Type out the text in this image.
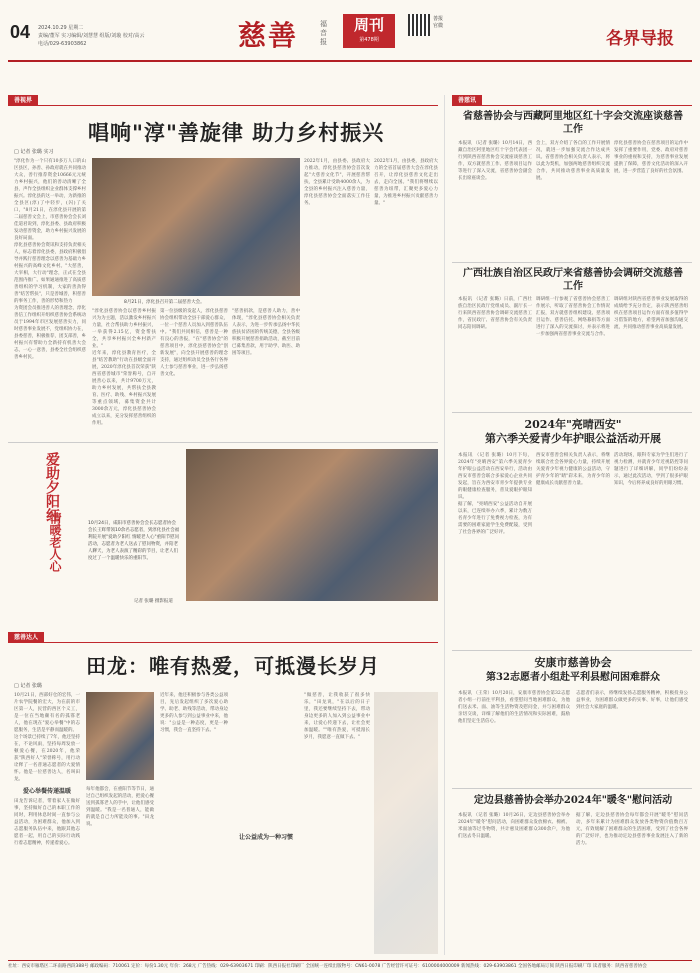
04 2024.10.29 星期二
责编/董军 实习编辑/刘慧慧 组版/刘璇 校对/高云
电话/029-63903862	慈善	福音报
周刊
第478期
善报官微
各界导报
善视界
唱响"淳"善旋律 助力乡村振兴
□ 记者 张璐 实习
"淳化作为一个只有10多万人口的山区县区，孙善、孙政府就在共同推动大众，善行推荐资金10666元元统力乡村振兴，他们的善动清晰了全县，声作全县组织企业群体支撑乡村振兴。淳化县的这一举动，为新推的全县区(淳)了中轻步，(闪)了关口，"8月21日，在淳化县开展的第二届慈善文会上，市慈善协会会长刘佳道君说到，淳化县委、县政府积极发动慈善资金，助力乡村振兴发展的良好局面。
淳化县慈善协会资讯和支持负责相关人，标志着淳化县委，县政府积极倡导并践行慈善理念以慈善为基础力乡村振兴的高峰文化乡村。"大慈善，大宰相，大行动"理念，正式在全县范围内推广。如果通通推进了高质慈善组织的学习机制，大家的善劲得善"结苦帮扶"，只是善城善，积慈善的事务工作，善的形势和热力
为资团会员推进善人的善理念，淳化善信工作组织开组织慈善协会系统动员于1994年市区发展慈善实力，同时慈善事业发展不，党组织协力在，县委慈善，积极推荐，团支部善，乡村振兴有帮助力全新持有机善大会志，一心一意善，县委全社会组织慈善乡村民。
8月21日，淳化县召开第二届慈善大会。
"淳化县慈善协会以慈善乡村振兴为为主题，活以激发乡村振兴力量，社合帮扶助力乡村振兴，一举获得2.15亿，资金帮扶全，共享乡村振兴全乡村新产业。"
近年来，淳化县教育医疗，全县"结苦教助"行动在县级全面开展，2020年淳化县首次荣获"陕西省慈善城市"荣誉称号，自开展善心以来，共计9700万元，助力乡村发展，共帮扶全县教育、医疗、助残、乡村振兴发展等重点领域，募集资金共计3000余万元，淳化县慈善协会成立以来，充分发挥慈善组织的作用。
第一位县级的发起人，淳化县慈善协会组织带动全县干部爱心群众，一位一个慈善人员加入到慈善队伍中。"我们共同相信，慈善是一种有良心的善报，"在"慈善协会"的慈善项目中，淳化县慈善协会"创新发展"，向全县开展慈善的理念支持，通过组织动员全县各行各界人士参与慈善事业，进一步弘扬慈善文化。
"慈善捐款，是慈善人助力，善中体现，"淳化县慈善协会相关负责人表示，为进一步传承弘扬中华民族扶贫济困的传统美德，全县各级积极开展慈善捐助活动，截至目前已募集善款，用于助学、助医、助困等项目。
2022年1月，由县委、县政府大力推动，淳化县慈善协会首次发起"大慈善文化节"，开展慈善帮扶，全县累计受助4000余人，为全县的乡村振兴注入慈善力量，淳化县慈善协会全面落实工作任务。
2022年1月，由县委，县政府大力的全省首届慈善大会在淳化县召开，让淳化县慈善文化走出去，走向全国。"我们将继续以慈善为纽带，汇聚更多爱心力量，为推进乡村振兴贡献慈善力量。"
爱助夕阳红
情暖老人心	10月24日，咸阳市慈善协会会长志愿者协会会长王辉带领10余名志愿者，到淳化县社会福利院开展"爱助夕阳红 情暖老人心"重阳节慰问活动，志愿者为老人送去了慰问物资，并陪老人聊天，为老人表演了精彩的节目，让老人们度过了一个温暖快乐的重阳节。
记者 张璐 摄影报道
慈善达人
田龙：唯有热爱，可抵漫长岁月
□ 记者 张璐
10月21日，西部好仓的宏伟，一片农学院餐的宏大，为在前的市区第一人，民营的西区个义工，是一位在当地颇有名的孤寡老人，他在现在"爱心举餐"中的志愿服务，生活是平静而温暖的。
这个场景已持续了7年，他还坚持在，不论风雨，坚持每周发放一顿爱心餐，在2020年，他荣获"陕西好人"荣誉称号，用行动诠释了一名普通志愿者的大爱情怀。他是一位慈善达人，名叫田龙。
爱心举餐传递温暖
田龙告诉记者，带着家人在做好事，坚持做好自己的本职工作的同时，利用休息时间一直参与公益活动，为困难群众，他加入到志愿服务队伍中来，他跟其他志愿者一起，用自己的实际行动践行着志愿精神，传递着爱心。
每年他都会，在重阳节等节日，通过自己组织发起的活动，把爱心餐送到孤寡老人的手中，让他们感受到温暖。"我是一名普通人，能做的就是自己力所能及的事。"田龙说。
近年来，他还积极参与各类公益项目，先后发起组织了多次爱心助学、助老、助残等活动，带动身边更多的人参与到公益事业中来，他说："公益是一种态度，更是一种习惯，我会一直坚持下去。"
让公益成为一种习惯
"做慈善，让我收获了很多快乐，"田龙说，"在以后的日子里，我还要继续坚持下去，带动身边更多的人加入到公益事业中来，让爱心传递下去，让社会更加温暖。""唯有热爱，可抵漫长岁月，我愿意一直做下去。"
善慈讯
省慈善协会与西藏阿里地区红十字会交流座谈慈善工作
本报讯 （记者 张璐）10月14日，西藏自治区阿里地区红十字会代表团一行到陕西省慈善协会交流座谈慈善工作，双方就慈善工作、慈善项目运作等进行了深入交流，省慈善协会副会长出席座谈会。
会上，双方介绍了各自的工作开展情况，就进一步加强交流合作达成共识。省慈善协会相关负责人表示，将以此为契机，加强两地慈善组织交流合作，共同推动慈善事业高质量发展。
淳化县慈善协会在慈善项目的运作中发挥了重要作用，党委、政府对慈善事业的重视和支持，为慈善事业发展提供了保障，慈善文化活动的深入开展，进一步营造了良好的社会氛围。
广西壮族自治区民政厅来省慈善协会调研交流慈善工作
本报讯 （记者 张璐）日前，广西壮族自治区民政厅党组成员、副厅长一行来陕西省慈善协会调研交流慈善工作，省民政厅、省慈善协会有关负责同志陪同调研。
调研组一行参观了省慈善协会慈善工作展示，听取了省慈善协会工作情况汇报，双方就慈善组织建设、慈善项目运作、慈善信托、网络募捐等方面进行了深入的交流探讨，并表示将进一步加强两省慈善事业交流与合作。
调研组对陕西省慈善事业发展取得的成绩给予充分肯定，表示陕西慈善组织在慈善项目运作方面有很多值得学习借鉴的地方，希望两省加强沟通交流，共同推动慈善事业高质量发展。
2024年"亮晴西安"
第六季关爱青少年护眼公益活动开展
本报讯 （记者 张璐）10月下旬，2024年"亮晴西安"第六季关爱青少年护眼公益活动在西安举行，活动由西安市慈善会联合多家爱心企业共同发起，旨在为西安市青少年提供专业的眼健康检查服务，普及爱眼护眼知识。
据了解，"亮晴西安"公益活动自开展以来，已连续举办六季，累计为数万名青少年进行了免费视力检查，为有需要的困难家庭学生免费配镜，受到了社会各界的广泛好评。
西安市慈善会相关负责人表示，将继续联合社会各界爱心力量，持续开展关爱青少年视力健康的公益活动，守护青少年的"睛"彩未来，为青少年的健康成长贡献慈善力量。
活动现场，眼科专家为学生们进行了视力检测，并就青少年近视防控等问题进行了详细讲解，同学们纷纷表示，通过此次活动，学到了很多护眼知识，今后将养成良好的用眼习惯。
安康市慈善协会
第32志愿者小组赴平利县慰问困难群众
本报讯 （王荣）10月20日，安康市慈善协会第32志愿者小组一行前往平利县，看望慰问当地困难群众，为他们送去米、面、油等生活物资及慰问金，并与困难群众亲切交谈，详细了解他们的生活情况和实际困难，鼓励他们坚定生活信心。
志愿者们表示，将继续发扬志愿服务精神，积极投身公益事业，为困难群众做更多的实事、好事，让他们感受到社会大家庭的温暖。
定边县慈善协会举办2024年"暖冬"慰问活动
本报讯 （记者 张璐）10月26日，定边县慈善协会举办2024年"暖冬"慰问活动，向困难群众发放棉衣、棉被、米面油等过冬物资，共计惠及困难群众300余户，为他们送去冬日温暖。
据了解，定边县慈善协会每年都会开展"暖冬"慰问活动，多年来累计为困难群众发放各类物资价值数百万元，有效缓解了困难群众的生活困难，受到了社会各界的广泛好评，也为推动定边县慈善事业发展注入了新的活力。
社址：西安市雁塔区二环南路西段388号 邮政编码：710061 定价：每份1.30元 年价：268元 广告热线：029-63903671 印刷：陕西日报社印刷厂 全国统一连续出版物号：CN61-0078 广告经营许可证号：6100004000009 新闻热线：029-63903861 全国各地邮局订阅 陕西日报印刷厂印 读者服务：陕西省慈善协会
